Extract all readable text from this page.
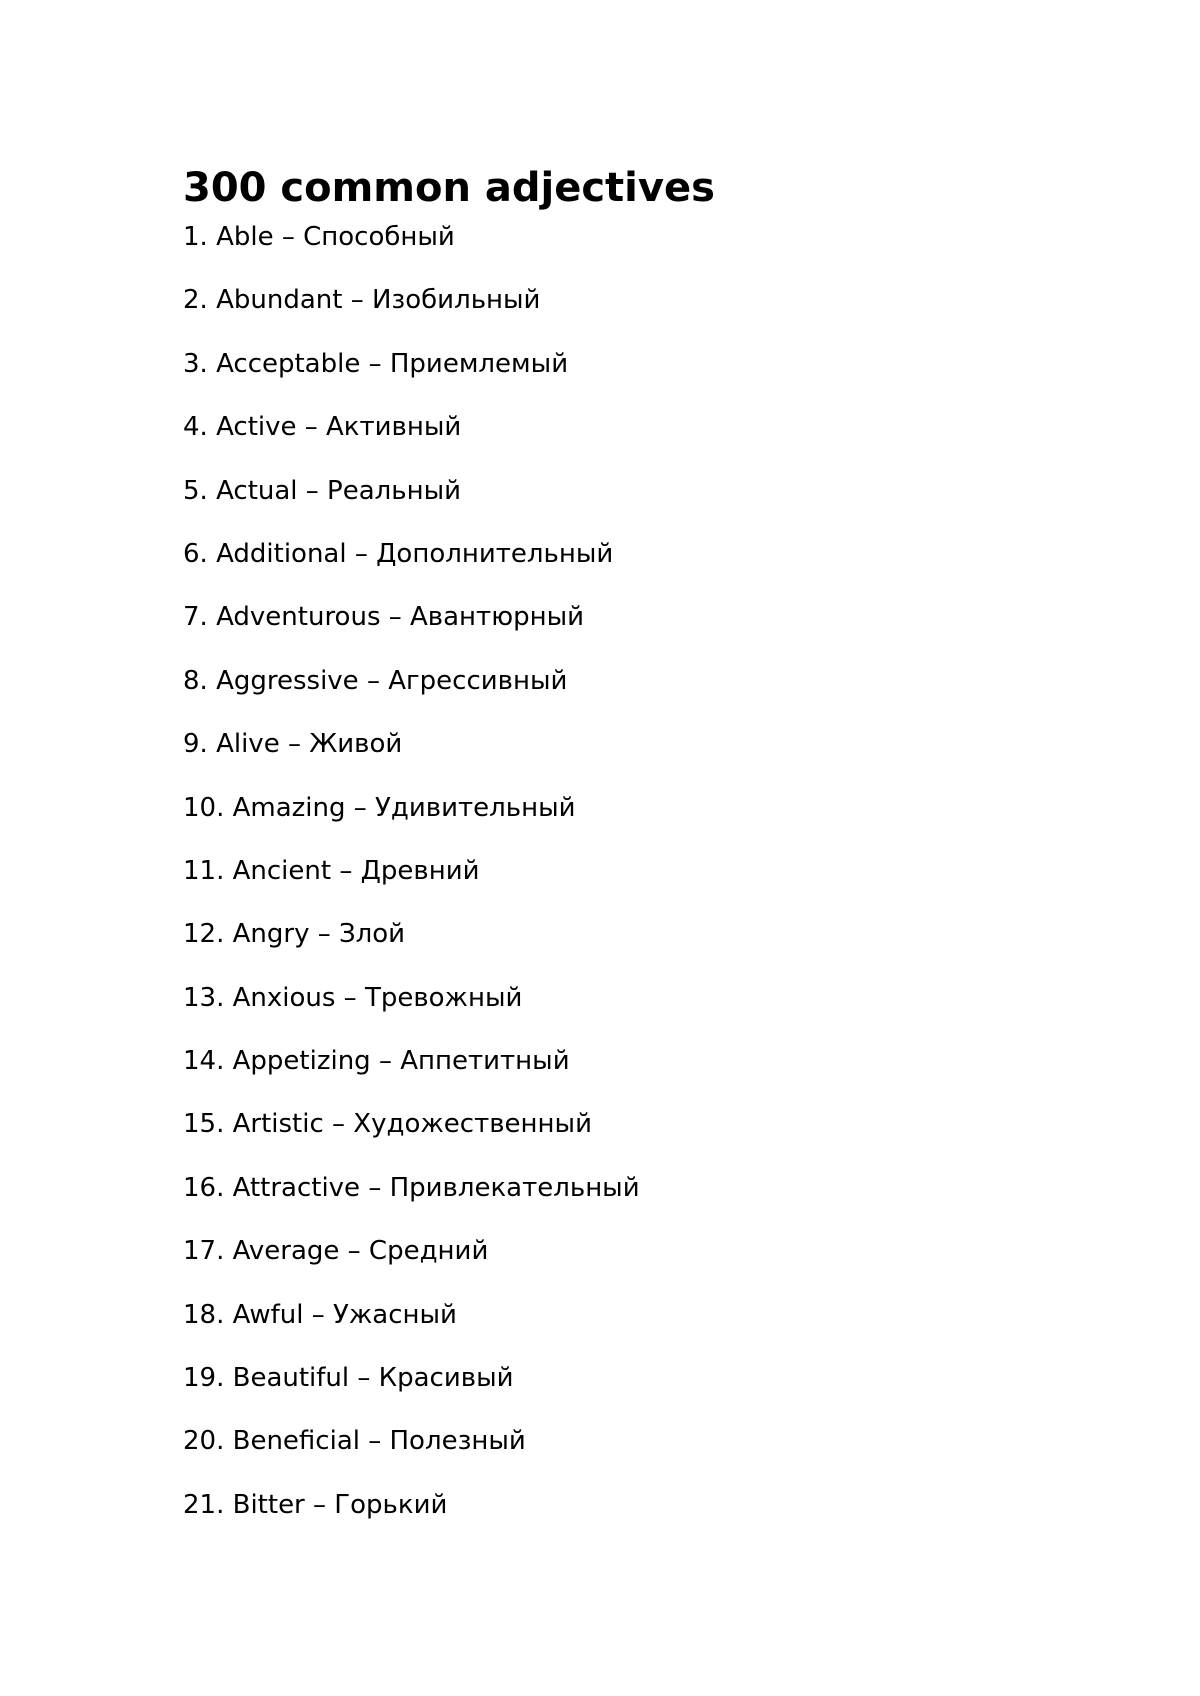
300 common adjectives
1. Able – Способный
2. Abundant – Изобильный
3. Acceptable – Приемлемый
4. Active – Активный
5. Actual – Реальный
6. Additional – Дополнительный
7. Adventurous – Авантюрный
8. Aggressive – Агрессивный
9. Alive – Живой
10. Amazing – Удивительный
11. Ancient – Древний
12. Angry – Злой
13. Anxious – Тревожный
14. Appetizing – Аппетитный
15. Artistic – Художественный
16. Attractive – Привлекательный
17. Average – Средний
18. Awful – Ужасный
19. Beautiful – Красивый
20. Beneficial – Полезный
21. Bitter – Горький
